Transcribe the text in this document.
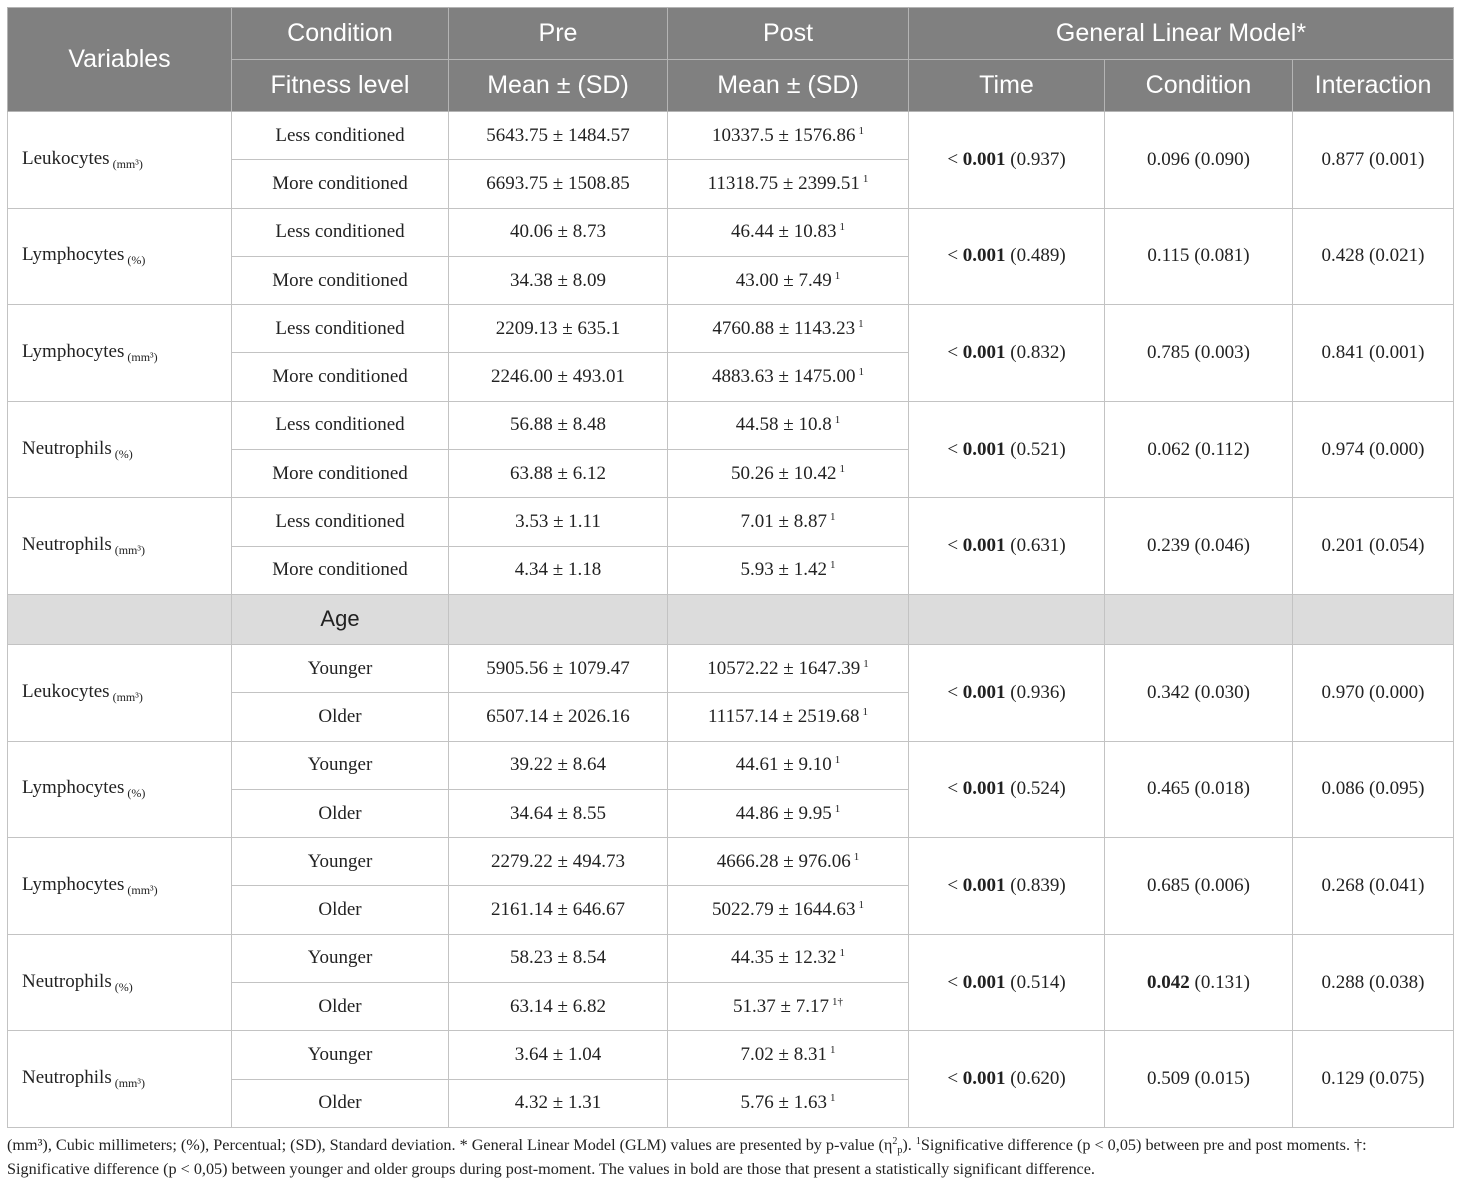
Variables	Condition	Pre	Post	General Linear Model*		
	Fitness level	Mean ± (SD)	Mean ± (SD)	Time	Condition	Interaction
Leukocytes $_{(mm^3)}$	Less conditioned	5643.75 ± 1484.57	10337.5 ± 1576.86 $^1$	< 0.001 (0.937)	0.096 (0.090)	0.877 (0.001)
	More conditioned	6693.75 ± 1508.85	11318.75 ± 2399.51 $^1$
Lymphocytes $_{(\%)}$	Less conditioned	40.06 ± 8.73	46.44 ± 10.83 $^1$	< 0.001 (0.489)	0.115 (0.081)	0.428 (0.021)
	More conditioned	34.38 ± 8.09	43.00 ± 7.49 $^1$
Lymphocytes $_{(mm^3)}$	Less conditioned	2209.13 ± 635.1	4760.88 ± 1143.23 $^1$	< 0.001 (0.832)	0.785 (0.003)	0.841 (0.001)
	More conditioned	2246.00 ± 493.01	4883.63 ± 1475.00 $^1$
Neutrophils $_{(\%)}$	Less conditioned	56.88 ± 8.48	44.58 ± 10.8 $^1$	< 0.001 (0.521)	0.062 (0.112)	0.974 (0.000)
	More conditioned	63.88 ± 6.12	50.26 ± 10.42 $^1$
Neutrophils $_{(mm^3)}$	Less conditioned	3.53 ± 1.11	7.01 ± 8.87 $^1$	< 0.001 (0.631)	0.239 (0.046)	0.201 (0.054)
	More conditioned	4.34 ± 1.18	5.93 ± 1.42 $^1$
	Age					
Leukocytes $_{(mm^3)}$	Younger	5905.56 ± 1079.47	10572.22 ± 1647.39 $^1$	< 0.001 (0.936)	0.342 (0.030)	0.970 (0.000)
	Older	6507.14 ± 2026.16	11157.14 ± 2519.68 $^1$
Lymphocytes $_{(\%)}$	Younger	39.22 ± 8.64	44.61 ± 9.10 $^1$	< 0.001 (0.524)	0.465 (0.018)	0.086 (0.095)
	Older	34.64 ± 8.55	44.86 ± 9.95 $^1$
Lymphocytes $_{(mm^3)}$	Younger	2279.22 ± 494.73	4666.28 ± 976.06 $^1$	< 0.001 (0.839)	0.685 (0.006)	0.268 (0.041)
	Older	2161.14 ± 646.67	5022.79 ± 1644.63 $^1$
Neutrophils $_{(\%)}$	Younger	58.23 ± 8.54	44.35 ± 12.32 $^1$	< 0.001 (0.514)	0.042 (0.131)	0.288 (0.038)
	Older	63.14 ± 6.82	51.37 ± 7.17 $^{1\dagger}$
Neutrophils $_{(mm^3)}$	Younger	3.64 ± 1.04	7.02 ± 8.31 $^1$	< 0.001 (0.620)	0.509 (0.015)	0.129 (0.075)
	Older	4.32 ± 1.31	5.76 ± 1.63 $^1$

(mm³), Cubic millimeters; (%), Percentual; (SD), Standard deviation. * General Linear Model (GLM) values are presented by p-value $(\eta^2_p)$. $^1$Significative difference (p < 0,05) between pre and post moments. †: Significative difference (p < 0,05) between younger and older groups during post-moment. The values in bold are those that present a statistically significant difference.
